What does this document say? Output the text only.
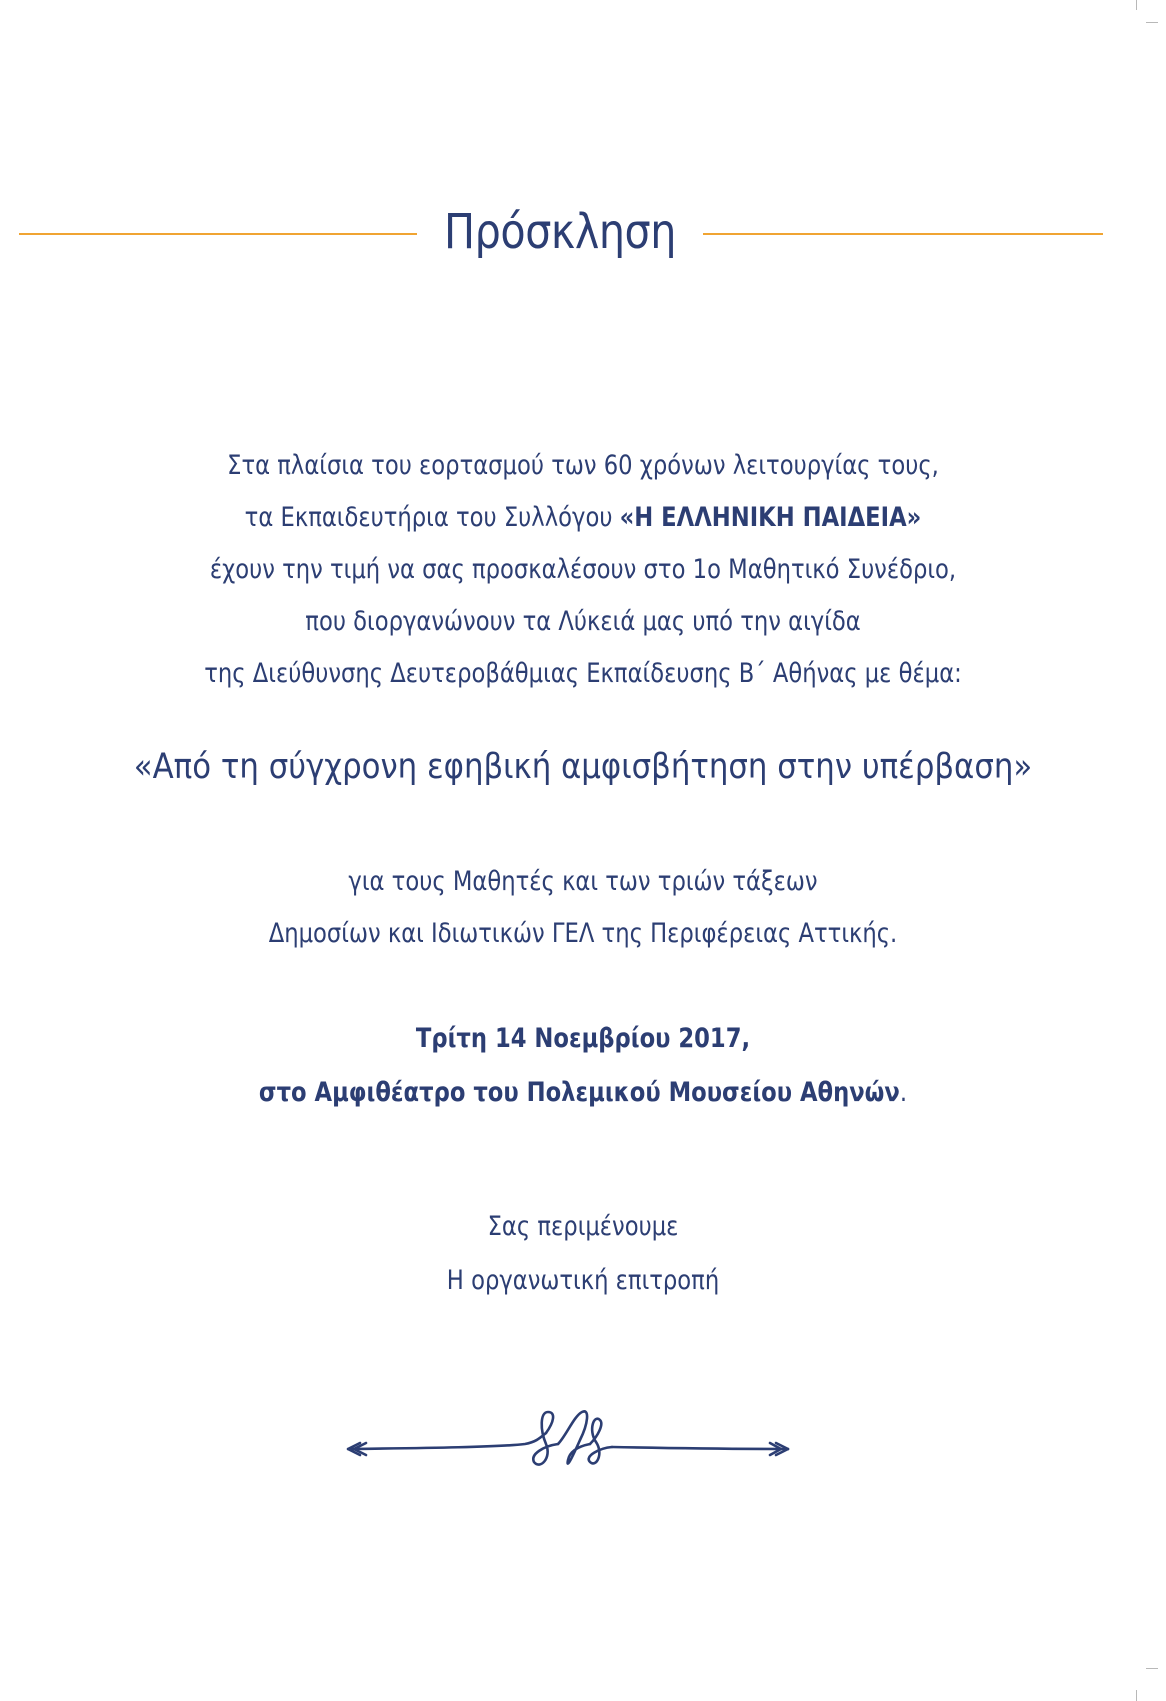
Πρόσκληση
Στα πλαίσια του εορτασμού των 60 χρόνων λειτουργίας τους,
τα Εκπαιδευτήρια του Συλλόγου «Η ΕΛΛΗΝΙΚΗ ΠΑΙΔΕΙΑ»
έχουν την τιμή να σας προσκαλέσουν στο 1ο Μαθητικό Συνέδριο,
που διοργανώνουν τα Λύκειά μας υπό την αιγίδα
της Διεύθυνσης Δευτεροβάθμιας Εκπαίδευσης Β΄ Αθήνας με θέμα:
«Από τη σύγχρονη εφηβική αμφισβήτηση στην υπέρβαση»
για τους Μαθητές και των τριών τάξεων
Δημοσίων και Ιδιωτικών ΓΕΛ της Περιφέρειας Αττικής.
Τρίτη 14 Νοεμβρίου 2017,
στο Αμφιθέατρο του Πολεμικού Μουσείου Αθηνών.
Σας περιμένουμε
Η οργανωτική επιτροπή
